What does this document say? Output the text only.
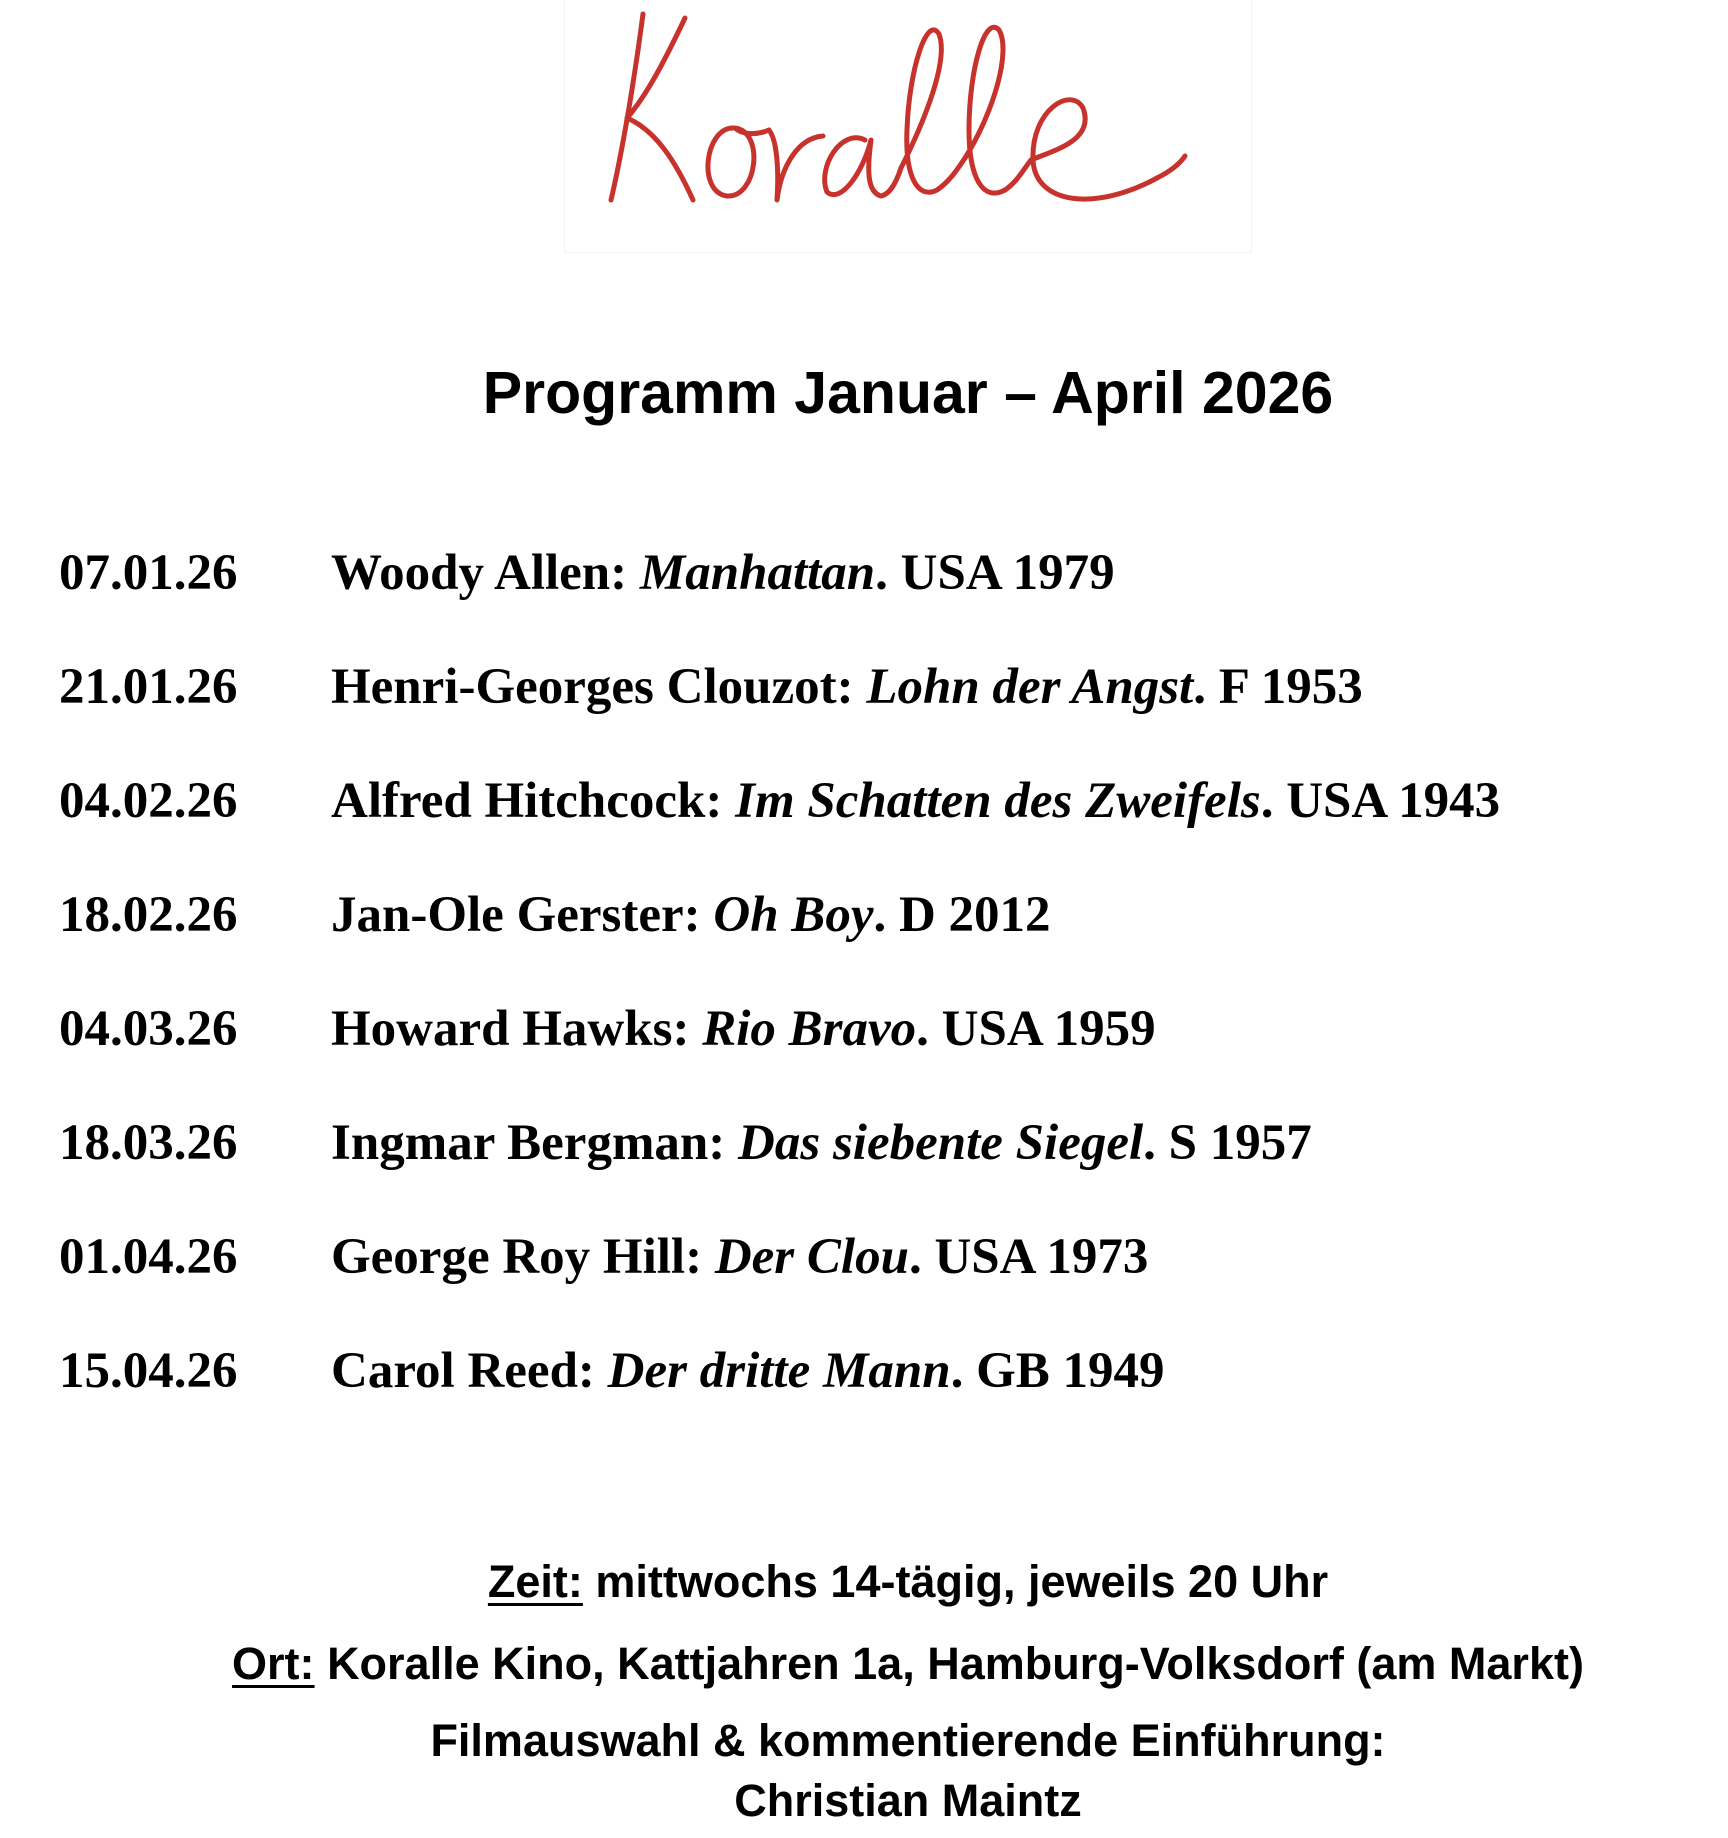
Programm Januar – April 2026
07.01.26 Woody Allen: Manhattan. USA 1979
21.01.26 Henri-Georges Clouzot: Lohn der Angst. F 1953
04.02.26 Alfred Hitchcock: Im Schatten des Zweifels. USA 1943
18.02.26 Jan-Ole Gerster: Oh Boy. D 2012
04.03.26 Howard Hawks: Rio Bravo. USA 1959
18.03.26 Ingmar Bergman: Das siebente Siegel. S 1957
01.04.26 George Roy Hill: Der Clou. USA 1973
15.04.26 Carol Reed: Der dritte Mann. GB 1949
Zeit: mittwochs 14-tägig, jeweils 20 Uhr
Ort: Koralle Kino, Kattjahren 1a, Hamburg-Volksdorf (am Markt)
Filmauswahl & kommentierende Einführung:
Christian Maintz
